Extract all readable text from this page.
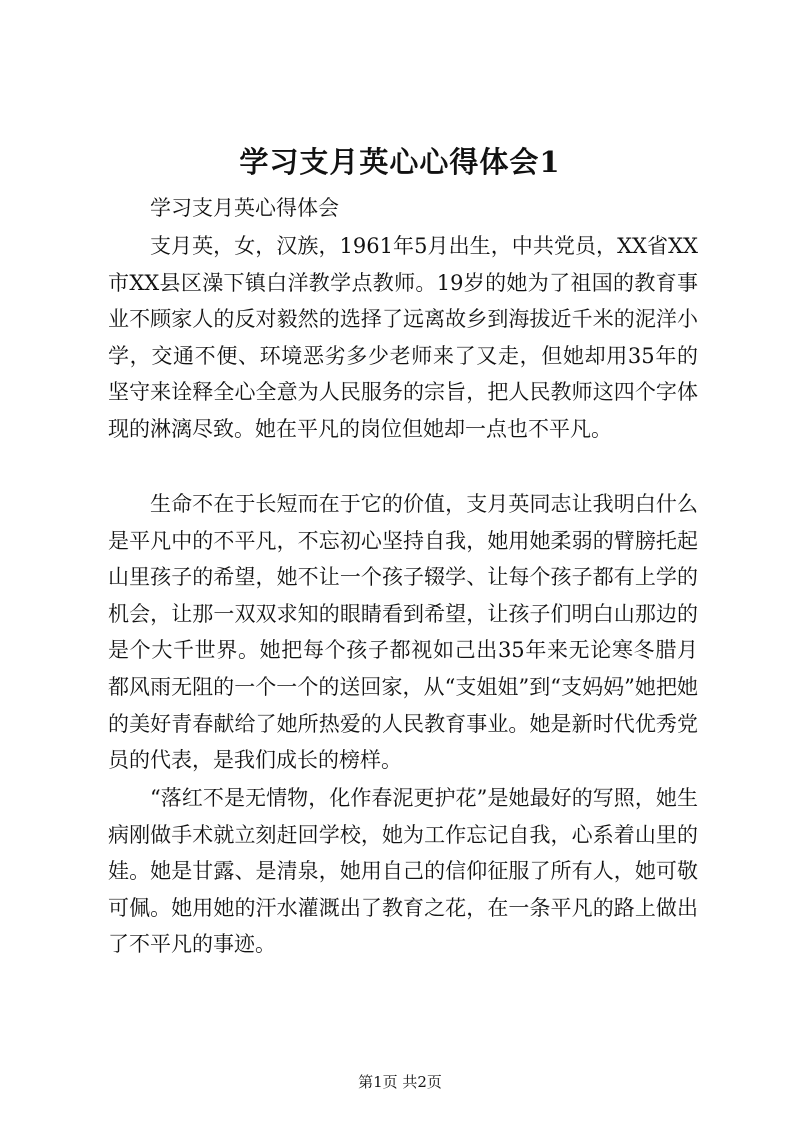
学习支月英心心得体会1
学习支月英心得体会

支月英，女，汉族，1961年5月出生，中共党员，XX省XX市XX县区澡下镇白洋教学点教师。19岁的她为了祖国的教育事业不顾家人的反对毅然的选择了远离故乡到海拔近千米的泥洋小学，交通不便、环境恶劣多少老师来了又走，但她却用35年的坚守来诠释全心全意为人民服务的宗旨，把人民教师这四个字体现的淋漓尽致。她在平凡的岗位但她却一点也不平凡。

生命不在于长短而在于它的价值，支月英同志让我明白什么是平凡中的不平凡，不忘初心坚持自我，她用她柔弱的臂膀托起山里孩子的希望，她不让一个孩子辍学、让每个孩子都有上学的机会，让那一双双求知的眼睛看到希望，让孩子们明白山那边的是个大千世界。她把每个孩子都视如己出35年来无论寒冬腊月都风雨无阻的一个一个的送回家，从“支姐姐”到“支妈妈”她把她的美好青春献给了她所热爱的人民教育事业。她是新时代优秀党员的代表，是我们成长的榜样。

“落红不是无情物，化作春泥更护花”是她最好的写照，她生病刚做手术就立刻赶回学校，她为工作忘记自我，心系着山里的娃。她是甘露、是清泉，她用自己的信仰征服了所有人，她可敬可佩。她用她的汗水灌溉出了教育之花，在一条平凡的路上做出了不平凡的事迹。

第1页 共2页
